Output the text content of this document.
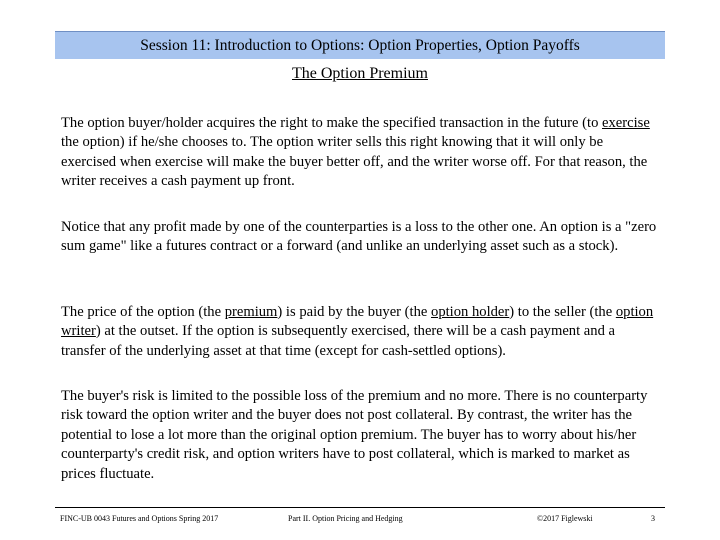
Session 11: Introduction to Options: Option Properties, Option Payoffs
The Option Premium

The option buyer/holder acquires the right to make the specified transaction in the future (to exercise the option) if he/she chooses to. The option writer sells this right knowing that it will only be exercised when exercise will make the buyer better off, and the writer worse off. For that reason, the writer receives a cash payment up front.

Notice that any profit made by one of the counterparties is a loss to the other one. An option is a "zero sum game" like a futures contract or a forward (and unlike an underlying asset such as a stock).

The price of the option (the premium) is paid by the buyer (the option holder) to the seller (the option writer) at the outset. If the option is subsequently exercised, there will be a cash payment and a transfer of the underlying asset at that time (except for cash-settled options).

The buyer's risk is limited to the possible loss of the premium and no more. There is no counterparty risk toward the option writer and the buyer does not post collateral. By contrast, the writer has the potential to lose a lot more than the original option premium. The buyer has to worry about his/her counterparty's credit risk, and option writers have to post collateral, which is marked to market as prices fluctuate.

FINC-UB 0043 Futures and Options Spring 2017	Part II. Option Pricing and Hedging	©2017 Figlewski	3
